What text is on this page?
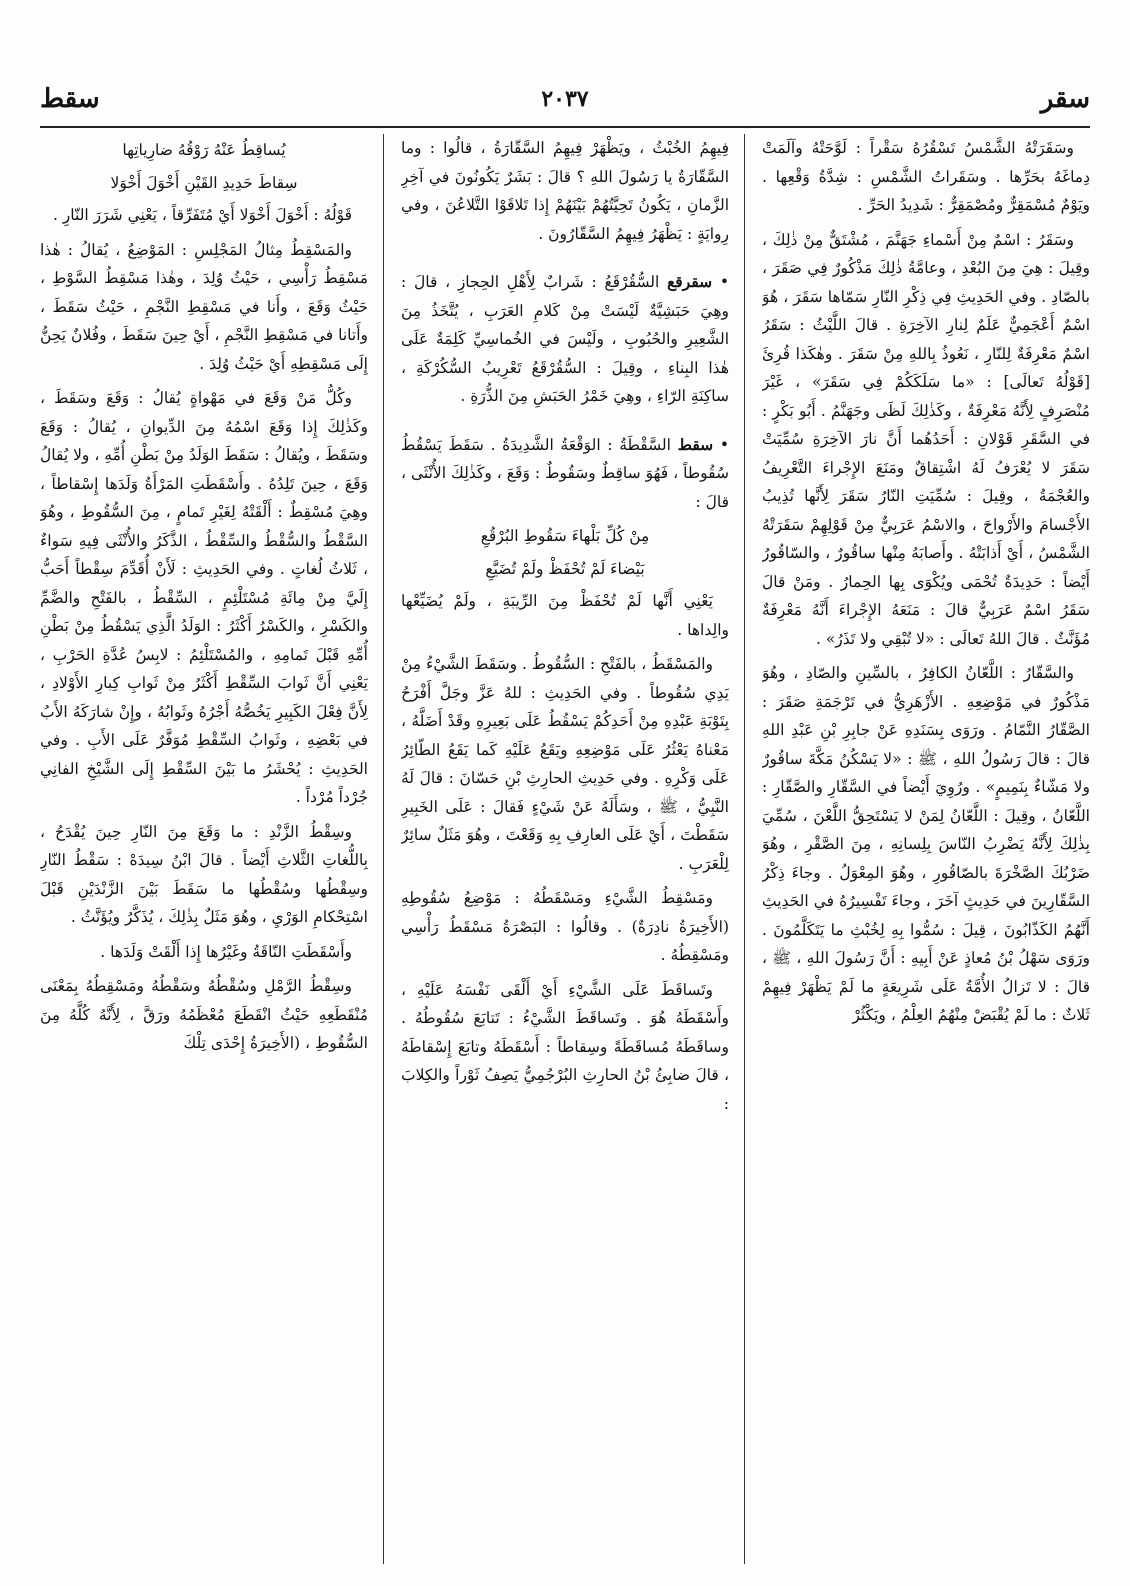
سقر
٢٠٣٧
سقط

وسَقَرَتْهُ الشَّمْسُ تَسْقُرُهُ سَقْراً : لَوَّحَتْهُ وآلَمَتْ دِماغَهُ بحَرِّها . وسَقَراتُ الشَّمْسِ : شِدَّةُ وَقْعِها . ويَوْمٌ مُسْمَقِرٌّ ومُصْمَقِرٌّ : شَدِيدُ الحَرِّ .

وسَقَرُ : اسْمٌ مِنْ أَسْماءِ جَهَنَّمَ ، مُشْتَقٌّ مِنْ ذٰلِكَ ، وقِيلَ : هِيَ مِنَ البُعْدِ ، وعامَّةُ ذٰلِكَ مَذْكُورٌ فِي صَقَرَ ، بالصّادِ . وفي الحَدِيثِ فِي ذِكْرِ النّارِ سَمّاها سَقَرَ ، هُوَ اسْمٌ أَعْجَمِيٌّ عَلَمٌ لِنارِ الآخِرَةِ . قالَ اللَّيْثُ : سَقَرُ اسْمٌ مَعْرِفَةٌ لِلنّارِ ، نَعُوذُ بِاللهِ مِنْ سَقَرَ . وهٰكَذا قُرِئَ [قَوْلُهُ تَعالَى] : «ما سَلَكَكُمْ فِي سَقَرَ» ، غَيْرَ مُنْصَرِفٍ لِأَنَّهُ مَعْرِفَةٌ ، وكَذٰلِكَ لَظَى وجَهَنَّمُ . أَبُو بَكْرٍ : في السَّقَرِ قَوْلانِ : أَحَدُهُما أَنَّ نارَ الآخِرَةِ سُمِّيَتْ سَقَرَ لا يُعْرَفُ لَهُ اشْتِقاقٌ ومَنَعَ الإِجْراءَ التَّعْرِيفُ والعُجْمَةُ ، وقِيلَ : سُمِّيَتِ النّارُ سَقَرَ لِأَنَّها تُذِيبُ الأَجْسامَ والأَرْواحَ ، والاسْمُ عَرَبِيٌّ مِنْ قَوْلِهِمْ سَقَرَتْهُ الشَّمْسُ ، أَيْ أَذابَتْهُ . وأَصابَهُ مِنْها ساقُورٌ ، والسّاقُورُ أَيْضاً : حَدِيدَةٌ تُحْمَى ويُكْوَى بِها الحِمارُ . ومَنْ قالَ سَقَرُ اسْمٌ عَرَبِيٌّ قالَ : مَنَعَهُ الإِجْراءَ أَنَّهُ مَعْرِفَةٌ مُؤَنَّثٌ . قالَ اللهُ تَعالَى : «لا تُبْقِي ولا تَذَرُ» .

والسَّقّارُ : اللَّعّانُ الكافِرُ ، بالسِّينِ والصّادِ ، وهُوَ مَذْكُورٌ في مَوْضِعِهِ . الأَزْهَرِيُّ في تَرْجَمَةِ صَقَرَ : الصَّقّارُ النَّمّامُ . ورَوَى بِسَنَدِهِ عَنْ جابِرِ بْنِ عَبْدِ اللهِ قالَ : قالَ رَسُولُ اللهِ ، ﷺ : «لا يَسْكُنُ مَكَّةَ ساقُورٌ ولا مَشّاءٌ بِنَمِيمٍ» . ورُوِيَ أَيْضاً في السَّقّارِ والصَّقّارِ : اللَّعّانُ ، وقِيلَ : اللَّعّانُ لِمَنْ لا يَسْتَحِقُّ اللَّعْنَ ، سُمِّيَ بِذٰلِكَ لِأَنَّهُ يَضْرِبُ النّاسَ بِلِسانِهِ ، مِنَ الصَّقْرِ ، وهُوَ ضَرْبُكَ الصَّخْرَةَ بالصّاقُورِ ، وهُوَ المِعْوَلُ . وجاءَ ذِكْرُ السَّقّارِينَ في حَدِيثٍ آخَرَ ، وجاءَ تَفْسِيرُهُ في الحَدِيثِ أَنَّهُمُ الكَذّابُونَ ، قِيلَ : سُمُّوا بِهِ لِخُبْثِ ما يَتَكَلَّمُونَ . ورَوَى سَهْلُ بْنُ مُعاذٍ عَنْ أَبِيهِ : أَنَّ رَسُولَ اللهِ ، ﷺ ، قالَ : لا تَزالُ الأُمَّةُ عَلَى شَرِيعَةٍ ما لَمْ يَظْهَرْ فِيهِمْ ثَلاثٌ : ما لَمْ يُقْبَضْ مِنْهُمُ العِلْمُ ، ويَكْثُرْ

فِيهِمُ الخُبْثُ ، ويَظْهَرْ فِيهِمُ السَّقّارَةُ ، قالُوا : وما السَّقّارَةُ يا رَسُولَ اللهِ ؟ قالَ : بَشَرٌ يَكُونُونَ في آخِرِ الزَّمانِ ، يَكُونُ تَحِيَّتُهُمْ بَيْنَهُمْ إِذا تَلاقَوْا التَّلاعُنَ ، وفي رِوايَةٍ : يَظْهَرُ فِيهِمُ السَّقّارُونَ .

• سقرقع السُّقُرْقَعُ : شَرابٌ لِأَهْلِ الحِجازِ ، قالَ : وهِيَ حَبَشِيَّةٌ لَيْسَتْ مِنْ كَلامِ العَرَبِ ، يُتَّخَذُ مِنَ الشَّعِيرِ والحُبُوبِ ، ولَيْسَ في الخُماسِيِّ كَلِمَةٌ عَلَى هٰذا البِناءِ ، وقِيلَ : السُّقُرْقَعُ تَعْرِيبُ السُّكُرْكَةِ ، ساكِنَةِ الرّاءِ ، وهِيَ خَمْرُ الحَبَشِ مِنَ الذُّرَةِ .

• سقط السَّقْطَةُ : الوَقْعَةُ الشَّدِيدَةُ . سَقَطَ يَسْقُطُ سُقُوطاً ، فَهُوَ ساقِطٌ وسَقُوطٌ : وَقَعَ ، وكَذٰلِكَ الأُنْثَى ، قالَ :

مِنْ كُلِّ بَلْهاءَ سَقُوطِ البُرْقُعِ

بَيْضاءَ لَمْ تُحْفَظْ ولَمْ تُضَيَّعِ

يَعْنِي أَنَّها لَمْ تُحْفَظْ مِنَ الرِّيبَةِ ، ولَمْ يُضَيِّعْها والِداها .

والمَسْقَطُ ، بالفَتْحِ : السُّقُوطُ . وسَقَطَ الشَّيْءُ مِنْ يَدِي سُقُوطاً . وفي الحَدِيثِ : للهُ عَزَّ وجَلَّ أَفْرَحُ بِتَوْبَةِ عَبْدِهِ مِنْ أَحَدِكُمْ يَسْقُطُ عَلَى بَعِيرِهِ وقَدْ أَضَلَّهُ ، مَعْناهُ يَعْثُرُ عَلَى مَوْضِعِهِ ويَقَعُ عَلَيْهِ كَما يَقَعُ الطّائِرُ عَلَى وَكْرِهِ . وفي حَدِيثِ الحارِثِ بْنِ حَسّانَ : قالَ لَهُ النَّبِيُّ ، ﷺ ، وسَأَلَهُ عَنْ شَيْءٍ فَقالَ : عَلَى الخَبِيرِ سَقَطْتَ ، أَيْ عَلَى العارِفِ بِهِ وَقَعْتَ ، وهُوَ مَثَلٌ سائِرٌ لِلْعَرَبِ .

ومَسْقِطُ الشَّيْءِ ومَسْقَطُهُ : مَوْضِعُ سُقُوطِهِ (الأَخِيرَةُ نادِرَةٌ) . وقالُوا : البَصْرَةُ مَسْقَطُ رَأْسِي ومَسْقِطُهُ .

وتَساقَطَ عَلَى الشَّيْءِ أَيْ أَلْقَى نَفْسَهُ عَلَيْهِ ، وأَسْقَطَهُ هُوَ . وتَساقَطَ الشَّيْءُ : تَتابَعَ سُقُوطُهُ . وساقَطَهُ مُساقَطَةً وسِقاطاً : أَسْقَطَهُ وتابَعَ إِسْقاطَهُ ، قالَ ضابِئُ بْنُ الحارِثِ البُرْجُمِيُّ يَصِفُ ثَوْراً والكِلابَ :

يُساقِطُ عَنْهُ رَوْقُهُ ضارِياتِها

سِقاطَ حَدِيدِ القَيْنِ أَخْوَلَ أَخْوَلا

قَوْلُهُ : أَخْوَلَ أَخْوَلا أَيْ مُتَفَرِّقاً ، يَعْنِي شَرَرَ النّارِ .

والمَسْقِطُ مِثالُ المَجْلِسِ : المَوْضِعُ ، يُقالُ : هٰذا مَسْقِطُ رَأْسِي ، حَيْثُ وُلِدَ ، وهٰذا مَسْقِطُ السَّوْطِ ، حَيْثُ وَقَعَ ، وأَنا في مَسْقِطِ النَّجْمِ ، حَيْثُ سَقَطَ ، وأَتانا في مَسْقِطِ النَّجْمِ ، أَيْ حِينَ سَقَطَ ، وفُلانٌ يَحِنُّ إِلَى مَسْقِطِهِ أَيْ حَيْثُ وُلِدَ .

وكُلُّ مَنْ وَقَعَ في مَهْواةٍ يُقالُ : وَقَعَ وسَقَطَ ، وكَذٰلِكَ إِذا وَقَعَ اسْمُهُ مِنَ الدِّيوانِ ، يُقالُ : وَقَعَ وسَقَطَ ، ويُقالُ : سَقَطَ الوَلَدُ مِنْ بَطْنِ أُمِّهِ ، ولا يُقالُ وَقَعَ ، حِينَ تَلِدُهُ . وأَسْقَطَتِ المَرْأَةُ وَلَدَها إِسْقاطاً ، وهِيَ مُسْقِطٌ : أَلْقَتْهُ لِغَيْرِ تَمامٍ ، مِنَ السُّقُوطِ ، وهُوَ السَّقْطُ والسُّقْطُ والسِّقْطُ ، الذَّكَرُ والأُنْثَى فِيهِ سَواءٌ ، ثَلاثُ لُغاتٍ . وفي الحَدِيثِ : لَأَنْ أُقَدِّمَ سِقْطاً أَحَبُّ إِلَيَّ مِنْ مِائَةِ مُسْتَلْئِمٍ ، السِّقْطُ ، بالفَتْحِ والضَّمِّ والكَسْرِ ، والكَسْرُ أَكْثَرُ : الوَلَدُ الَّذِي يَسْقُطُ مِنْ بَطْنِ أُمِّهِ قَبْلَ تَمامِهِ ، والمُسْتَلْئِمُ : لابِسُ عُدَّةِ الحَرْبِ ، يَعْنِي أَنَّ ثَوابَ السِّقْطِ أَكْثَرُ مِنْ ثَوابِ كِبارِ الأَوْلادِ ، لِأَنَّ فِعْلَ الكَبِيرِ يَخُصُّهُ أَجْرُهُ وثَوابُهُ ، وإِنْ شارَكَهُ الأَبُ في بَعْضِهِ ، وثَوابُ السِّقْطِ مُوَفَّرٌ عَلَى الأَبِ . وفي الحَدِيثِ : يُحْشَرُ ما بَيْنَ السِّقْطِ إِلَى الشَّيْخِ الفانِي جُرْداً مُرْداً .

وسِقْطُ الزَّنْدِ : ما وَقَعَ مِنَ النّارِ حِينَ يُقْدَحُ ، بِاللُّغاتِ الثَّلاثِ أَيْضاً . قالَ ابْنُ سِيدَهْ : سَقْطُ النّارِ وسِقْطُها وسُقْطُها ما سَقَطَ بَيْنَ الزَّنْدَيْنِ قَبْلَ اسْتِحْكامِ الوَرْيِ ، وهُوَ مَثَلٌ بِذٰلِكَ ، يُذَكَّرُ ويُؤَنَّثُ .

وأَسْقَطَتِ النّاقَةُ وغَيْرُها إِذا أَلْقَتْ وَلَدَها .

وسِقْطُ الرَّمْلِ وسُقْطُهُ وسَقْطُهُ ومَسْقِطُهُ بِمَعْنَى مُنْقَطَعِهِ حَيْثُ انْقَطَعَ مُعْظَمُهُ ورَقَّ ، لِأَنَّهُ كُلَّهُ مِنَ السُّقُوطِ ، (الأَخِيرَةُ إِحْدَى تِلْكَ
